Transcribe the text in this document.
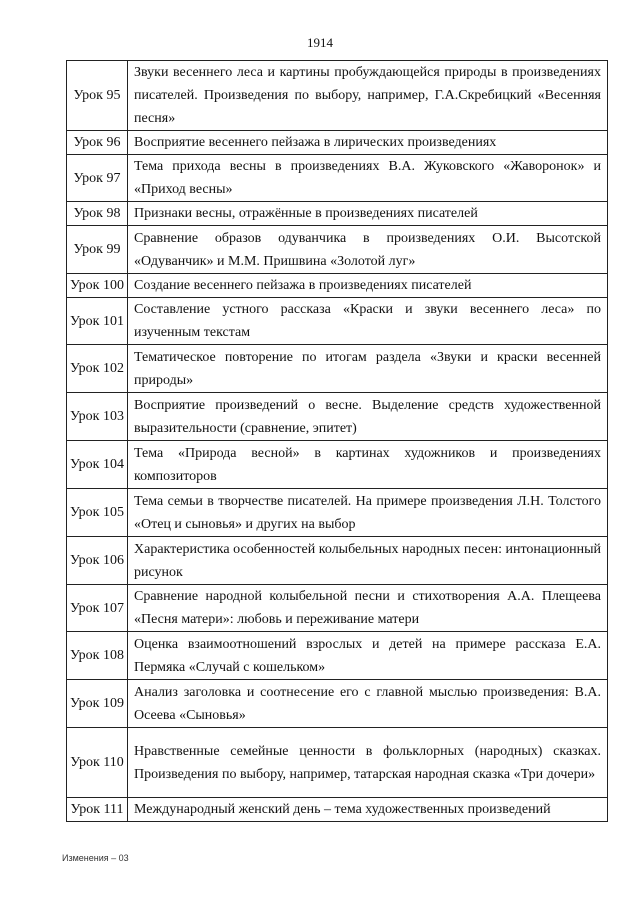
1914
Урок 95	Звуки весеннего леса и картины пробуждающейся природы в произведениях писателей. Произведения по выбору, например, Г.А.Скребицкий «Весенняя песня»
Урок 96	Восприятие весеннего пейзажа в лирических произведениях
Урок 97	Тема прихода весны в произведениях В.А. Жуковского «Жаворонок» и «Приход весны»
Урок 98	Признаки весны, отражённые в произведениях писателей
Урок 99	Сравнение образов одуванчика в произведениях О.И. Высотской «Одуванчик» и М.М. Пришвина «Золотой луг»
Урок 100	Создание весеннего пейзажа в произведениях писателей
Урок 101	Составление устного рассказа «Краски и звуки весеннего леса» по изученным текстам
Урок 102	Тематическое повторение по итогам раздела «Звуки и краски весенней природы»
Урок 103	Восприятие произведений о весне. Выделение средств художественной выразительности (сравнение, эпитет)
Урок 104	Тема «Природа весной» в картинах художников и произведениях композиторов
Урок 105	Тема семьи в творчестве писателей. На примере произведения Л.Н. Толстого «Отец и сыновья» и других на выбор
Урок 106	Характеристика особенностей колыбельных народных песен: интонационный рисунок
Урок 107	Сравнение народной колыбельной песни и стихотворения А.А. Плещеева «Песня матери»: любовь и переживание матери
Урок 108	Оценка взаимоотношений взрослых и детей на примере рассказа Е.А. Пермяка «Случай с кошельком»
Урок 109	Анализ заголовка и соотнесение его с главной мыслью произведения: В.А. Осеева «Сыновья»
Урок 110	Нравственные семейные ценности в фольклорных (народных) сказках. Произведения по выбору, например, татарская народная сказка «Три дочери»
Урок 111	Международный женский день – тема художественных произведений
Изменения – 03
